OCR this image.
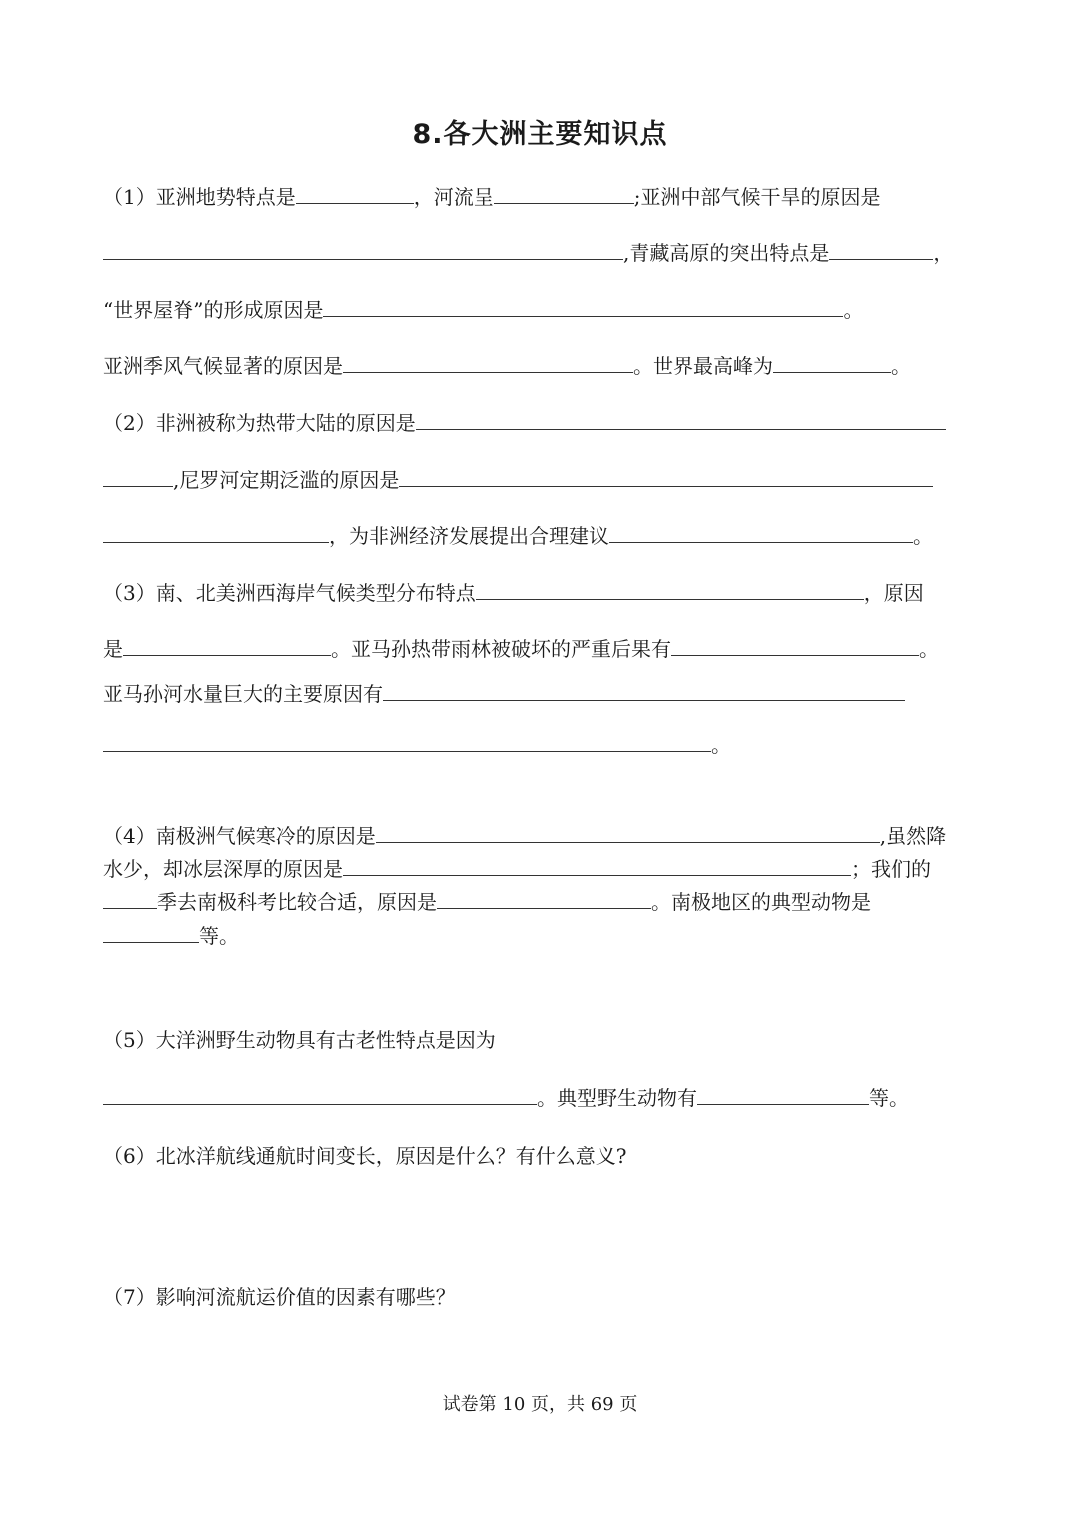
8.各大洲主要知识点
（1）亚洲地势特点是	，河流呈	;亚洲中部气候干旱的原因是
,青藏高原的突出特点是	，
“世界屋脊”的形成原因是	。
亚洲季风气候显著的原因是	。世界最高峰为	。
（2）非洲被称为热带大陆的原因是
,尼罗河定期泛滥的原因是
，为非洲经济发展提出合理建议	。
（3）南、北美洲西海岸气候类型分布特点	，原因
是	。亚马孙热带雨林被破坏的严重后果有	。
亚马孙河水量巨大的主要原因有
。
（4）南极洲气候寒冷的原因是	,虽然降
水少，却冰层深厚的原因是	；我们的
季去南极科考比较合适，原因是	。南极地区的典型动物是
等。
（5）大洋洲野生动物具有古老性特点是因为
。典型野生动物有	等。
（6）北冰洋航线通航时间变长，原因是什么？有什么意义?
（7）影响河流航运价值的因素有哪些？
试卷第 10 页，共 69 页
